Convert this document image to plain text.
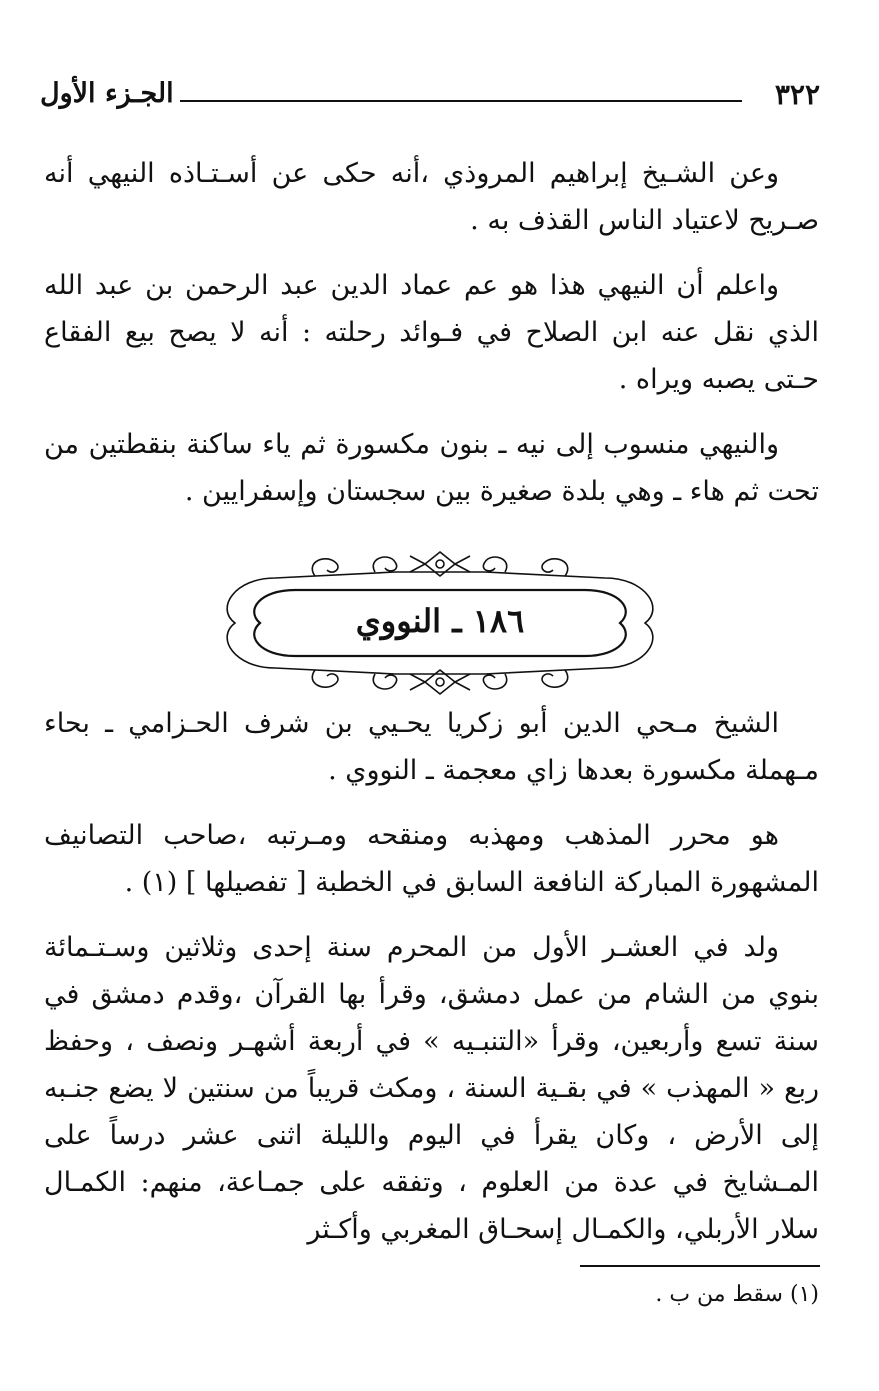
٣٢٢
الجـزء الأول

وعن الشـيخ إبراهيم المروذي ،أنه حكى عن أسـتـاذه النيهي أنه صـريح لاعتياد الناس القذف به .

واعلم أن النيهي هذا هو عم عماد الدين عبد الرحمن بن عبد الله الذي نقل عنه ابن الصلاح في فـوائد رحلته : أنه لا يصح بيع الفقاع حـتى يصبه ويراه .

والنيهي منسوب إلى نيه ـ بنون مكسورة ثم ياء ساكنة بنقطتين من تحت ثم هاء ـ وهي بلدة صغيرة بين سجستان وإسفرايين .

١٨٦ ـ النووي

الشيخ مـحي الدين أبو زكريا يحـيي بن شرف الحـزامي ـ بحاء مـهملة مكسورة بعدها زاي معجمة ـ النووي .

هو محرر المذهب ومهذبه ومنقحه ومـرتبه ،صاحب التصانيف المشهورة المباركة النافعة السابق في الخطبة [ تفصيلها ] (١) .

ولد في العشـر الأول من المحرم سنة إحدى وثلاثين وسـتـمائة بنوي من الشام من عمل دمشق، وقرأ بها القرآن ،وقدم دمشق في سنة تسع وأربعين، وقرأ «التنبـيه » في أربعة أشهـر ونصف ، وحفظ ربع « المهذب » في بقـية السنة ، ومكث قريباً من سنتين لا يضع جنـبه إلى الأرض ، وكان يقرأ في اليوم والليلة اثنى عشر درساً على المـشايخ في عدة من العلوم ، وتفقه على جمـاعة، منهم: الكمـال سلار الأربلي، والكمـال إسحـاق المغربي وأكـثر

(١) سقط من ب .
